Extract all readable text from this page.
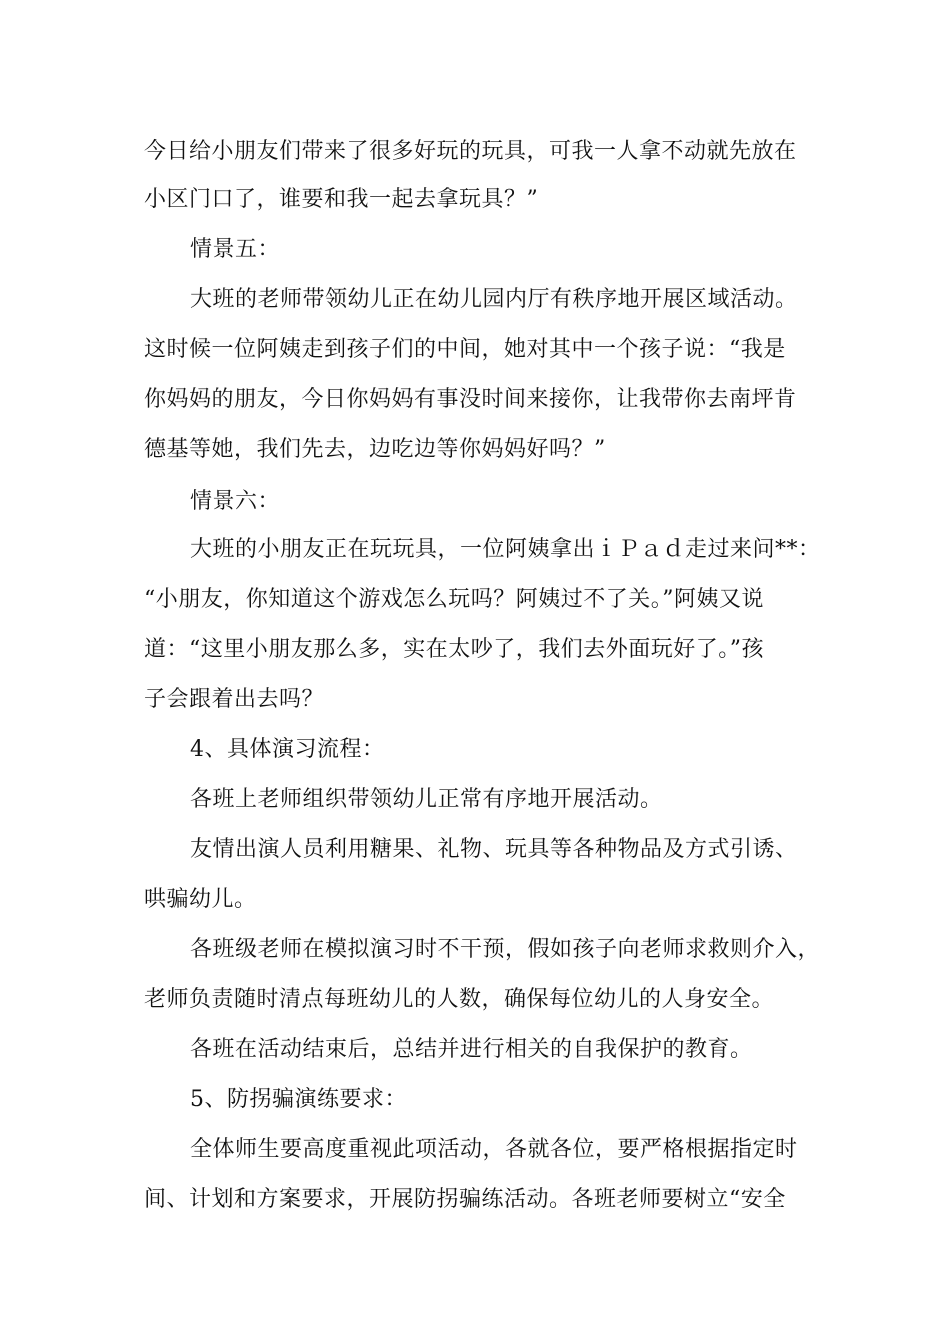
今日给小朋友们带来了很多好玩的玩具，可我一人拿不动就先放在
小区门口了，谁要和我一起去拿玩具？”
情景五：
大班的老师带领幼儿正在幼儿园内厅有秩序地开展区域活动。
这时候一位阿姨走到孩子们的中间，她对其中一个孩子说：“我是
你妈妈的朋友，今日你妈妈有事没时间来接你，让我带你去南坪肯
德基等她，我们先去，边吃边等你妈妈好吗？”
情景六：
大班的小朋友正在玩玩具，一位阿姨拿出ｉＰａｄ走过来问**：
“小朋友，你知道这个游戏怎么玩吗？阿姨过不了关。”阿姨又说
道：“这里小朋友那么多，实在太吵了，我们去外面玩好了。”孩
子会跟着出去吗？
4、具体演习流程：
各班上老师组织带领幼儿正常有序地开展活动。
友情出演人员利用糖果、礼物、玩具等各种物品及方式引诱、
哄骗幼儿。
各班级老师在模拟演习时不干预，假如孩子向老师求救则介入，
老师负责随时清点每班幼儿的人数，确保每位幼儿的人身安全。
各班在活动结束后，总结并进行相关的自我保护的教育。
5、防拐骗演练要求：
全体师生要高度重视此项活动，各就各位，要严格根据指定时
间、计划和方案要求，开展防拐骗练活动。各班老师要树立“安全
